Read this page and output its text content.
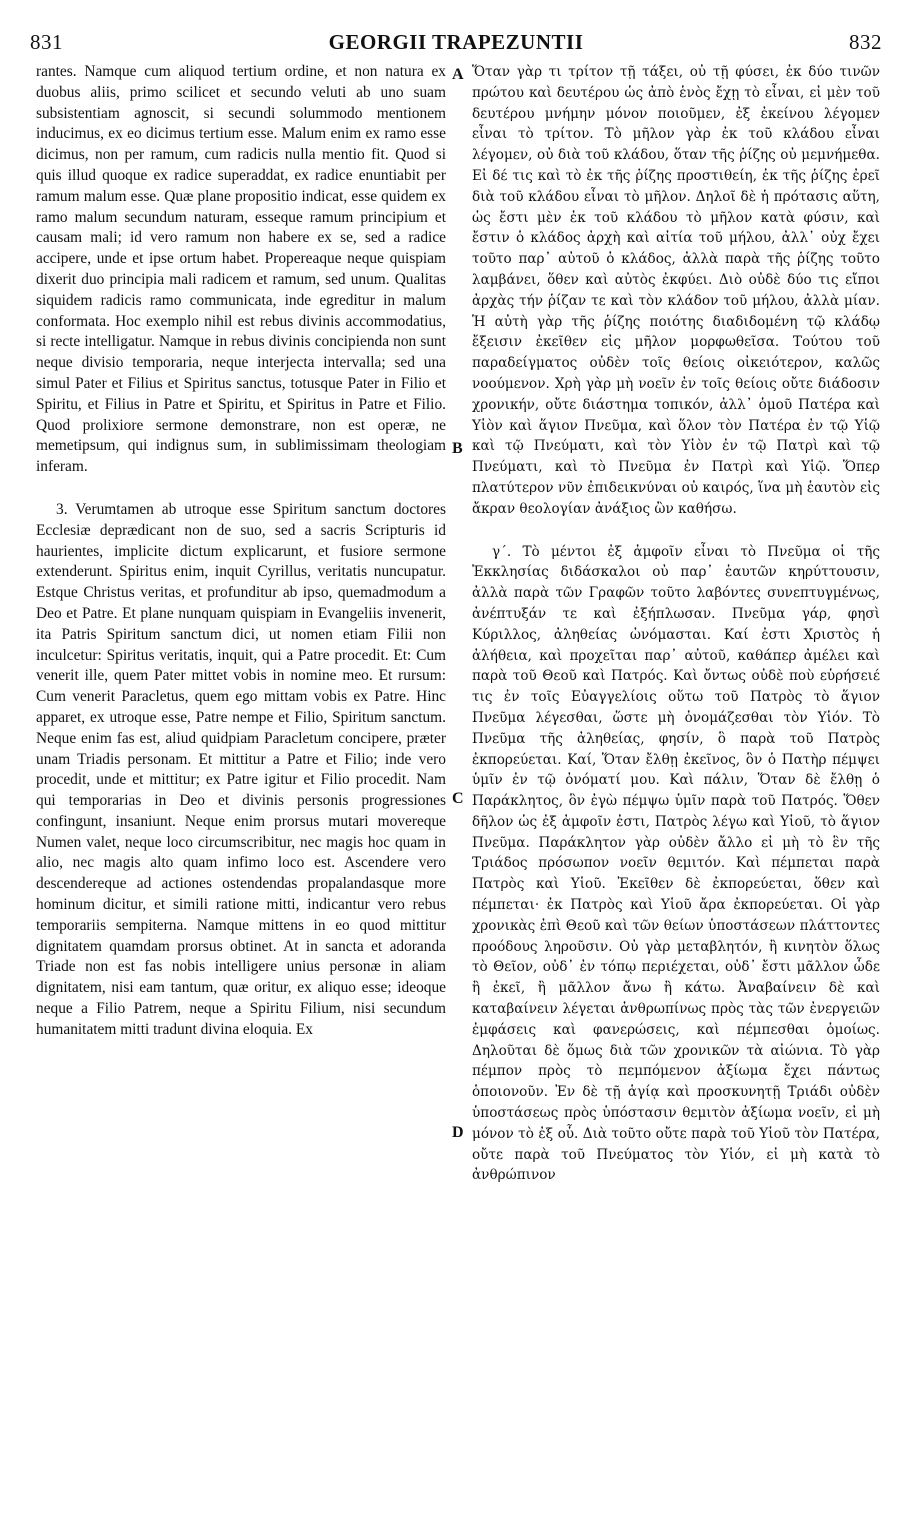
831	GEORGII TRAPEZUNTII	832

rantes. Namque cum aliquod tertium ordine, et non natura ex duobus aliis, primo scilicet et secundo veluti ab uno suam subsistentiam agnoscit, si secundi solummodo mentionem inducimus, ex eo dicimus tertium esse. Malum enim ex ramo esse dicimus, non per ramum, cum radicis nulla mentio fit. Quod si quis illud quoque ex radice superaddat, ex radice enuntiabit per ramum malum esse. Quæ plane propositio indicat, esse quidem ex ramo malum secundum naturam, esseque ramum principium et causam mali; id vero ramum non habere ex se, sed a radice accipere, unde et ipse ortum habet. Propereaque neque quispiam dixerit duo principia mali radicem et ramum, sed unum. Qualitas siquidem radicis ramo communicata, inde egreditur in malum conformata. Hoc exemplo nihil est rebus divinis accommodatius, si recte intelligatur. Namque in rebus divinis concipienda non sunt neque divisio temporaria, neque interjecta intervalla; sed una simul Pater et Filius et Spiritus sanctus, totusque Pater in Filio et Spiritu, et Filius in Patre et Spiritu, et Spiritus in Patre et Filio. Quod prolixiore sermone demonstrare, non est operæ, ne memetipsum, qui indignus sum, in sublimissimam theologiam inferam.

3. Verumtamen ab utroque esse Spiritum sanctum doctores Ecclesiæ deprædicant non de suo, sed a sacris Scripturis id haurientes, implicite dictum explicarunt, et fusiore sermone extenderunt. Spiritus enim, inquit Cyrillus, veritatis nuncupatur. Estque Christus veritas, et profunditur ab ipso, quemadmodum a Deo et Patre. Et plane nunquam quispiam in Evangeliis invenerit, ita Patris Spiritum sanctum dici, ut nomen etiam Filii non inculcetur: Spiritus veritatis, inquit, qui a Patre procedit. Et: Cum venerit ille, quem Pater mittet vobis in nomine meo. Et rursum: Cum venerit Paracletus, quem ego mittam vobis ex Patre. Hinc apparet, ex utroque esse, Patre nempe et Filio, Spiritum sanctum. Neque enim fas est, aliud quidpiam Paracletum concipere, præter unam Triadis personam. Et mittitur a Patre et Filio; inde vero procedit, unde et mittitur; ex Patre igitur et Filio procedit. Nam qui temporarias in Deo et divinis personis progressiones confingunt, insaniunt. Neque enim prorsus mutari movereque Numen valet, neque loco circumscribitur, nec magis hoc quam in alio, nec magis alto quam infimo loco est. Ascendere vero descendereque ad actiones ostendendas propalandasque more hominum dicitur, et simili ratione mitti, indicantur vero rebus temporariis sempiterna. Namque mittens in eo quod mittitur dignitatem quamdam prorsus obtinet. At in sancta et adoranda Triade non est fas nobis intelligere unius personæ in aliam dignitatem, nisi eam tantum, quæ oritur, ex aliquo esse; ideoque neque a Filio Patrem, neque a Spiritu Filium, nisi secundum humanitatem mitti tradunt divina eloquia. Ex

Ὅταν γὰρ τι τρίτον τῇ τάξει, οὐ τῇ φύσει, ἐκ δύο τινῶν πρώτου καὶ δευτέρου ὡς ἀπὸ ἑνὸς ἔχῃ τὸ εἶναι, εἰ μὲν τοῦ δευτέρου μνήμην μόνον ποιοῦμεν, ἐξ ἐκείνου λέγομεν εἶναι τὸ τρίτον. Τὸ μῆλον γὰρ ἐκ τοῦ κλάδου εἶναι λέγομεν, οὐ διὰ τοῦ κλάδου, ὅταν τῆς ῥίζης οὐ μεμνήμεθα. Εἰ δέ τις καὶ τὸ ἐκ τῆς ῥίζης προστιθείη, ἐκ τῆς ῥίζης ἐρεῖ διὰ τοῦ κλάδου εἶναι τὸ μῆλον. Δηλοῖ δὲ ἡ πρότασις αὕτη, ὡς ἔστι μὲν ἐκ τοῦ κλάδου τὸ μῆλον κατὰ φύσιν, καὶ ἔστιν ὁ κλάδος ἀρχὴ καὶ αἰτία τοῦ μήλου, ἀλλ᾽ οὐχ ἔχει τοῦτο παρ᾽ αὐτοῦ ὁ κλάδος, ἀλλὰ παρὰ τῆς ῥίζης τοῦτο λαμβάνει, ὅθεν καὶ αὐτὸς ἐκφύει. Διὸ οὐδὲ δύο τις εἴποι ἀρχὰς τήν ῥίζαν τε καὶ τὸν κλάδον τοῦ μήλου, ἀλλὰ μίαν. Ἡ αὐτὴ γὰρ τῆς ῥίζης ποιότης διαδιδομένη τῷ κλάδῳ ἔξεισιν ἐκεῖθεν εἰς μῆλον μορφωθεῖσα. Τούτου τοῦ παραδείγματος οὐδὲν τοῖς θείοις οἰκειότερον, καλῶς νοούμενον. Χρὴ γὰρ μὴ νοεῖν ἐν τοῖς θείοις οὔτε διάδοσιν χρονικήν, οὔτε διάστημα τοπικόν, ἀλλ᾽ ὁμοῦ Πατέρα καὶ Υἱὸν καὶ ἅγιον Πνεῦμα, καὶ ὅλον τὸν Πατέρα ἐν τῷ Υἱῷ καὶ τῷ Πνεύματι, καὶ τὸν Υἱὸν ἐν τῷ Πατρὶ καὶ τῷ Πνεύματι, καὶ τὸ Πνεῦμα ἐν Πατρὶ καὶ Υἱῷ. Ὅπερ πλατύτερον νῦν ἐπιδεικνύναι οὐ καιρός, ἵνα μὴ ἑαυτὸν εἰς ἄκραν θεολογίαν ἀνάξιος ὢν καθήσω.

γ΄. Τὸ μέντοι ἐξ ἀμφοῖν εἶναι τὸ Πνεῦμα οἱ τῆς Ἐκκλησίας διδάσκαλοι οὐ παρ᾽ ἑαυτῶν κηρύττουσιν, ἀλλὰ παρὰ τῶν Γραφῶν τοῦτο λαβόντες συνεπτυγμένως, ἀνέπτυξάν τε καὶ ἐξήπλωσαν. Πνεῦμα γάρ, φησὶ Κύριλλος, ἀληθείας ὠνόμασται. Καί ἐστι Χριστὸς ἡ ἀλήθεια, καὶ προχεῖται παρ᾽ αὐτοῦ, καθάπερ ἀμέλει καὶ παρὰ τοῦ Θεοῦ καὶ Πατρός. Καὶ ὄντως οὐδὲ ποὺ εὑρήσειέ τις ἐν τοῖς Εὐαγγελίοις οὕτω τοῦ Πατρὸς τὸ ἅγιον Πνεῦμα λέγεσθαι, ὥστε μὴ ὀνομάζεσθαι τὸν Υἱόν. Τὸ Πνεῦμα τῆς ἀληθείας, φησίν, ὃ παρὰ τοῦ Πατρὸς ἐκπορεύεται. Καί, Ὅταν ἔλθῃ ἐκεῖνος, ὃν ὁ Πατὴρ πέμψει ὑμῖν ἐν τῷ ὀνόματί μου. Καὶ πάλιν, Ὅταν δὲ ἔλθῃ ὁ Παράκλητος, ὃν ἐγὼ πέμψω ὑμῖν παρὰ τοῦ Πατρός. Ὅθεν δῆλον ὡς ἐξ ἀμφοῖν ἐστι, Πατρὸς λέγω καὶ Υἱοῦ, τὸ ἅγιον Πνεῦμα. Παράκλητον γὰρ οὐδὲν ἄλλο εἰ μὴ τὸ ἓν τῆς Τριάδος πρόσωπον νοεῖν θεμιτόν. Καὶ πέμπεται παρὰ Πατρὸς καὶ Υἱοῦ. Ἐκεῖθεν δὲ ἐκπορεύεται, ὅθεν καὶ πέμπεται· ἐκ Πατρὸς καὶ Υἱοῦ ἄρα ἐκπορεύεται. Οἱ γὰρ χρονικὰς ἐπὶ Θεοῦ καὶ τῶν θείων ὑποστάσεων πλάττοντες προόδους ληροῦσιν. Οὐ γὰρ μεταβλητόν, ἢ κινητὸν ὅλως τὸ Θεῖον, οὐδ᾽ ἐν τόπῳ περιέχεται, οὐδ᾽ ἔστι μᾶλλον ὧδε ἢ ἐκεῖ, ἢ μᾶλλον ἄνω ἢ κάτω. Ἀναβαίνειν δὲ καὶ καταβαίνειν λέγεται ἀνθρωπίνως πρὸς τὰς τῶν ἐνεργειῶν ἐμφάσεις καὶ φανερώσεις, καὶ πέμπεσθαι ὁμοίως. Δηλοῦται δὲ ὅμως διὰ τῶν χρονικῶν τὰ αἰώνια. Τὸ γὰρ πέμπον πρὸς τὸ πεμπόμενον ἀξίωμα ἔχει πάντως ὁποιονοῦν. Ἐν δὲ τῇ ἁγίᾳ καὶ προσκυνητῇ Τριάδι οὐδὲν ὑποστάσεως πρὸς ὑπόστασιν θεμιτὸν ἀξίωμα νοεῖν, εἰ μὴ μόνον τὸ ἐξ οὗ. Διὰ τοῦτο οὔτε παρὰ τοῦ Υἱοῦ τὸν Πατέρα, οὔτε παρὰ τοῦ Πνεύματος τὸν Υἱόν, εἰ μὴ κατὰ τὸ ἀνθρώπινον

A
B
C
D
